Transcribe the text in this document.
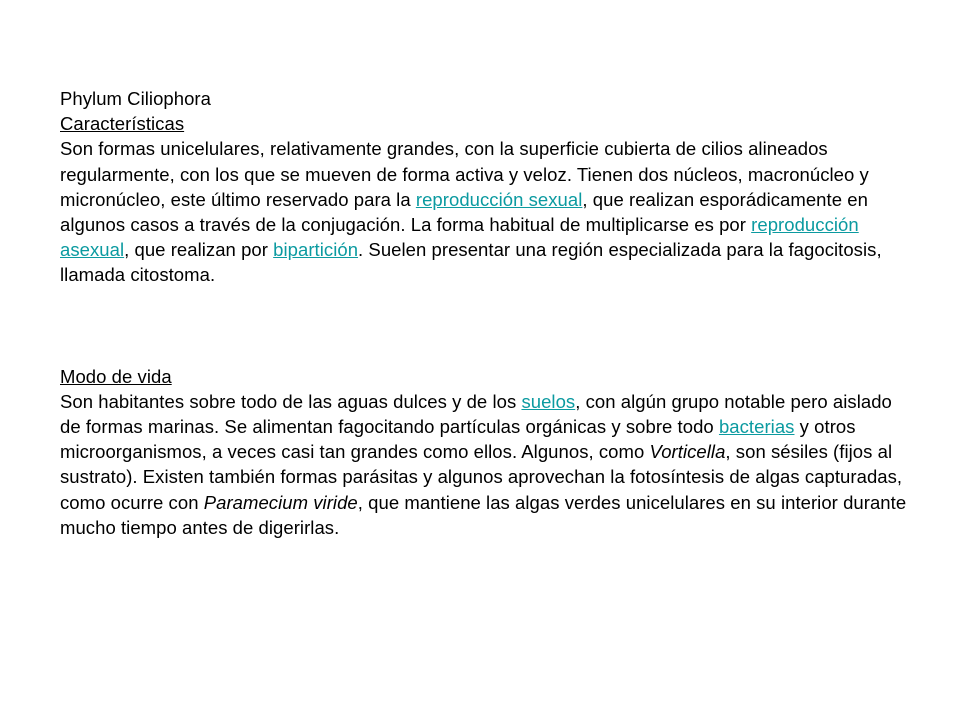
Phylum Ciliophora
Características
Son formas unicelulares, relativamente grandes, con la superficie cubierta de cilios alineados regularmente, con los que se mueven de forma activa y veloz. Tienen dos núcleos, macronúcleo y micronúcleo, este último reservado para la reproducción sexual, que realizan esporádicamente en algunos casos a través de la conjugación. La forma habitual de multiplicarse es por reproducción asexual, que realizan por bipartición. Suelen presentar una región especializada para la fagocitosis, llamada citostoma.
Modo de vida
Son habitantes sobre todo de las aguas dulces y de los suelos, con algún grupo notable pero aislado de formas marinas. Se alimentan fagocitando partículas orgánicas y sobre todo bacterias y otros microorganismos, a veces casi tan grandes como ellos. Algunos, como Vorticella, son sésiles (fijos al sustrato). Existen también formas parásitas y algunos aprovechan la fotosíntesis de algas capturadas, como ocurre con Paramecium viride, que mantiene las algas verdes unicelulares en su interior durante mucho tiempo antes de digerirlas.
